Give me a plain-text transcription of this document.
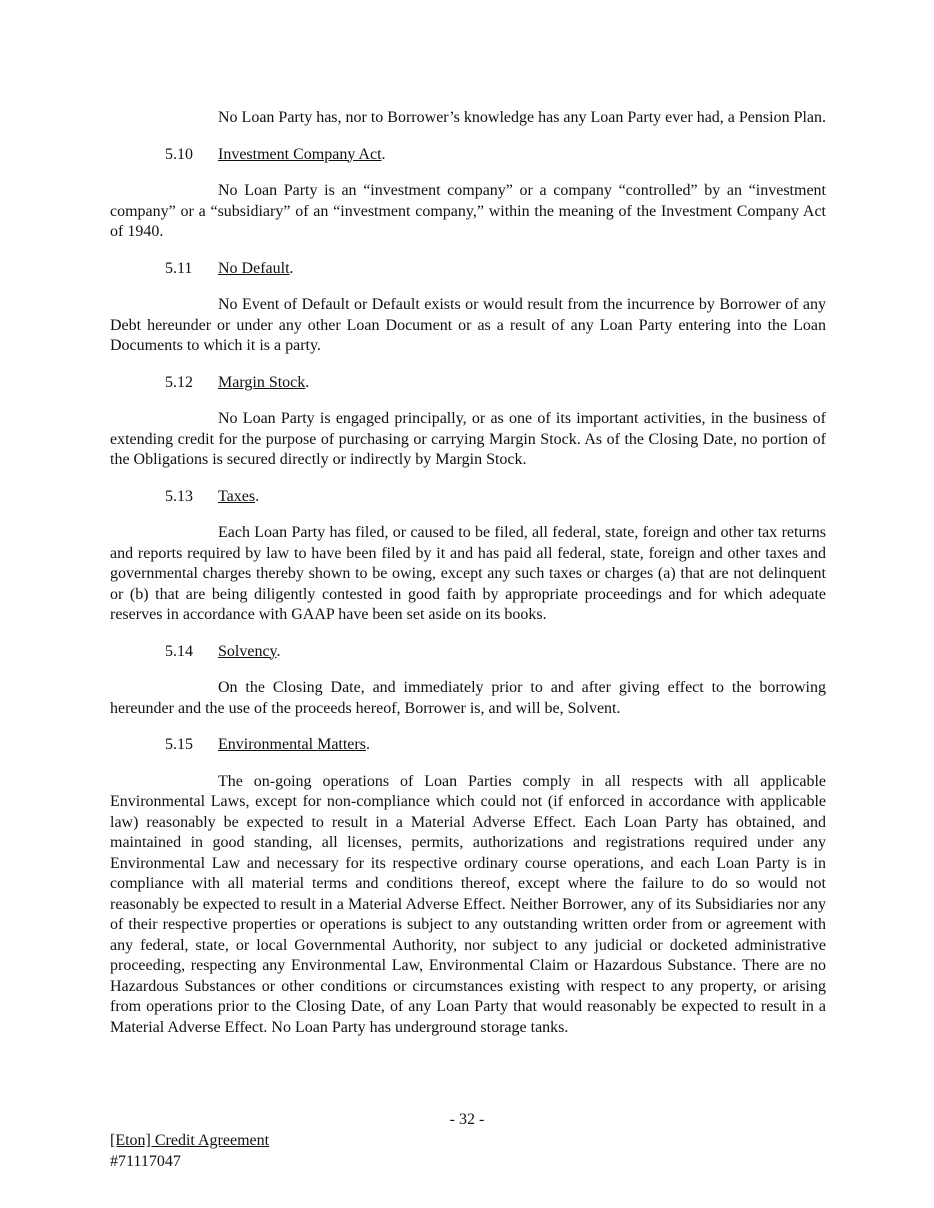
No Loan Party has, nor to Borrower’s knowledge has any Loan Party ever had, a Pension Plan.

5.10 Investment Company Act.

No Loan Party is an “investment company” or a company “controlled” by an “investment company” or a “subsidiary” of an “investment company,” within the meaning of the Investment Company Act of 1940.

5.11 No Default.

No Event of Default or Default exists or would result from the incurrence by Borrower of any Debt hereunder or under any other Loan Document or as a result of any Loan Party entering into the Loan Documents to which it is a party.

5.12 Margin Stock.

No Loan Party is engaged principally, or as one of its important activities, in the business of extending credit for the purpose of purchasing or carrying Margin Stock. As of the Closing Date, no portion of the Obligations is secured directly or indirectly by Margin Stock.

5.13 Taxes.

Each Loan Party has filed, or caused to be filed, all federal, state, foreign and other tax returns and reports required by law to have been filed by it and has paid all federal, state, foreign and other taxes and governmental charges thereby shown to be owing, except any such taxes or charges (a) that are not delinquent or (b) that are being diligently contested in good faith by appropriate proceedings and for which adequate reserves in accordance with GAAP have been set aside on its books.

5.14 Solvency.

On the Closing Date, and immediately prior to and after giving effect to the borrowing hereunder and the use of the proceeds hereof, Borrower is, and will be, Solvent.

5.15 Environmental Matters.

The on-going operations of Loan Parties comply in all respects with all applicable Environmental Laws, except for non-compliance which could not (if enforced in accordance with applicable law) reasonably be expected to result in a Material Adverse Effect. Each Loan Party has obtained, and maintained in good standing, all licenses, permits, authorizations and registrations required under any Environmental Law and necessary for its respective ordinary course operations, and each Loan Party is in compliance with all material terms and conditions thereof, except where the failure to do so would not reasonably be expected to result in a Material Adverse Effect. Neither Borrower, any of its Subsidiaries nor any of their respective properties or operations is subject to any outstanding written order from or agreement with any federal, state, or local Governmental Authority, nor subject to any judicial or docketed administrative proceeding, respecting any Environmental Law, Environmental Claim or Hazardous Substance. There are no Hazardous Substances or other conditions or circumstances existing with respect to any property, or arising from operations prior to the Closing Date, of any Loan Party that would reasonably be expected to result in a Material Adverse Effect. No Loan Party has underground storage tanks.

- 32 -
[Eton] Credit Agreement
#71117047
